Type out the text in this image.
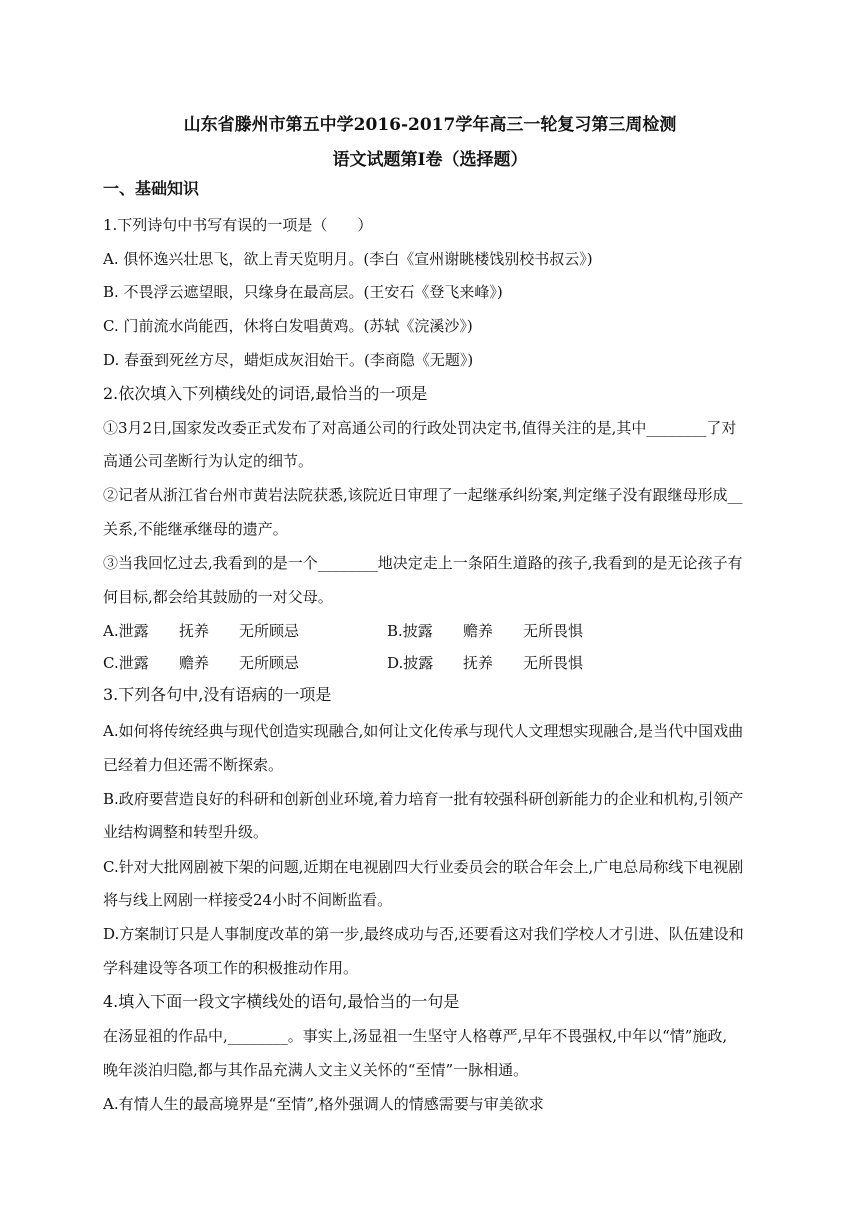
山东省滕州市第五中学2016-2017学年高三一轮复习第三周检测
语文试题第I卷（选择题）
一、基础知识
1.下列诗句中书写有误的一项是（　　）
A. 俱怀逸兴壮思飞，欲上青天览明月。(李白《宣州谢眺楼饯别校书叔云》)
B. 不畏浮云遮望眼，只缘身在最高层。(王安石《登飞来峰》)
C. 门前流水尚能西，休将白发唱黄鸡。(苏轼《浣溪沙》)
D. 春蚕到死丝方尽，蜡炬成灰泪始干。(李商隐《无题》)
2.依次填入下列横线处的词语,最恰当的一项是
①3月2日,国家发改委正式发布了对高通公司的行政处罚决定书,值得关注的是,其中________了对
高通公司垄断行为认定的细节。
②记者从浙江省台州市黄岩法院获悉,该院近日审理了一起继承纠纷案,判定继子没有跟继母形成__
关系,不能继承继母的遗产。
③当我回忆过去,我看到的是一个________地决定走上一条陌生道路的孩子,我看到的是无论孩子有
何目标,都会给其鼓励的一对父母。
A.泄露 抚养 无所顾忌	B.披露 赡养 无所畏惧
C.泄露 赡养 无所顾忌	D.披露 抚养 无所畏惧
3.下列各句中,没有语病的一项是
A.如何将传统经典与现代创造实现融合,如何让文化传承与现代人文理想实现融合,是当代中国戏曲
已经着力但还需不断探索。
B.政府要营造良好的科研和创新创业环境,着力培育一批有较强科研创新能力的企业和机构,引领产
业结构调整和转型升级。
C.针对大批网剧被下架的问题,近期在电视剧四大行业委员会的联合年会上,广电总局称线下电视剧
将与线上网剧一样接受24小时不间断监看。
D.方案制订只是人事制度改革的第一步,最终成功与否,还要看这对我们学校人才引进、队伍建设和
学科建设等各项工作的积极推动作用。
4.填入下面一段文字横线处的语句,最恰当的一句是
在汤显祖的作品中,________。事实上,汤显祖一生坚守人格尊严,早年不畏强权,中年以“情”施政,
晚年淡泊归隐,都与其作品充满人文主义关怀的“至情”一脉相通。
A.有情人生的最高境界是“至情”,格外强调人的情感需要与审美欲求
